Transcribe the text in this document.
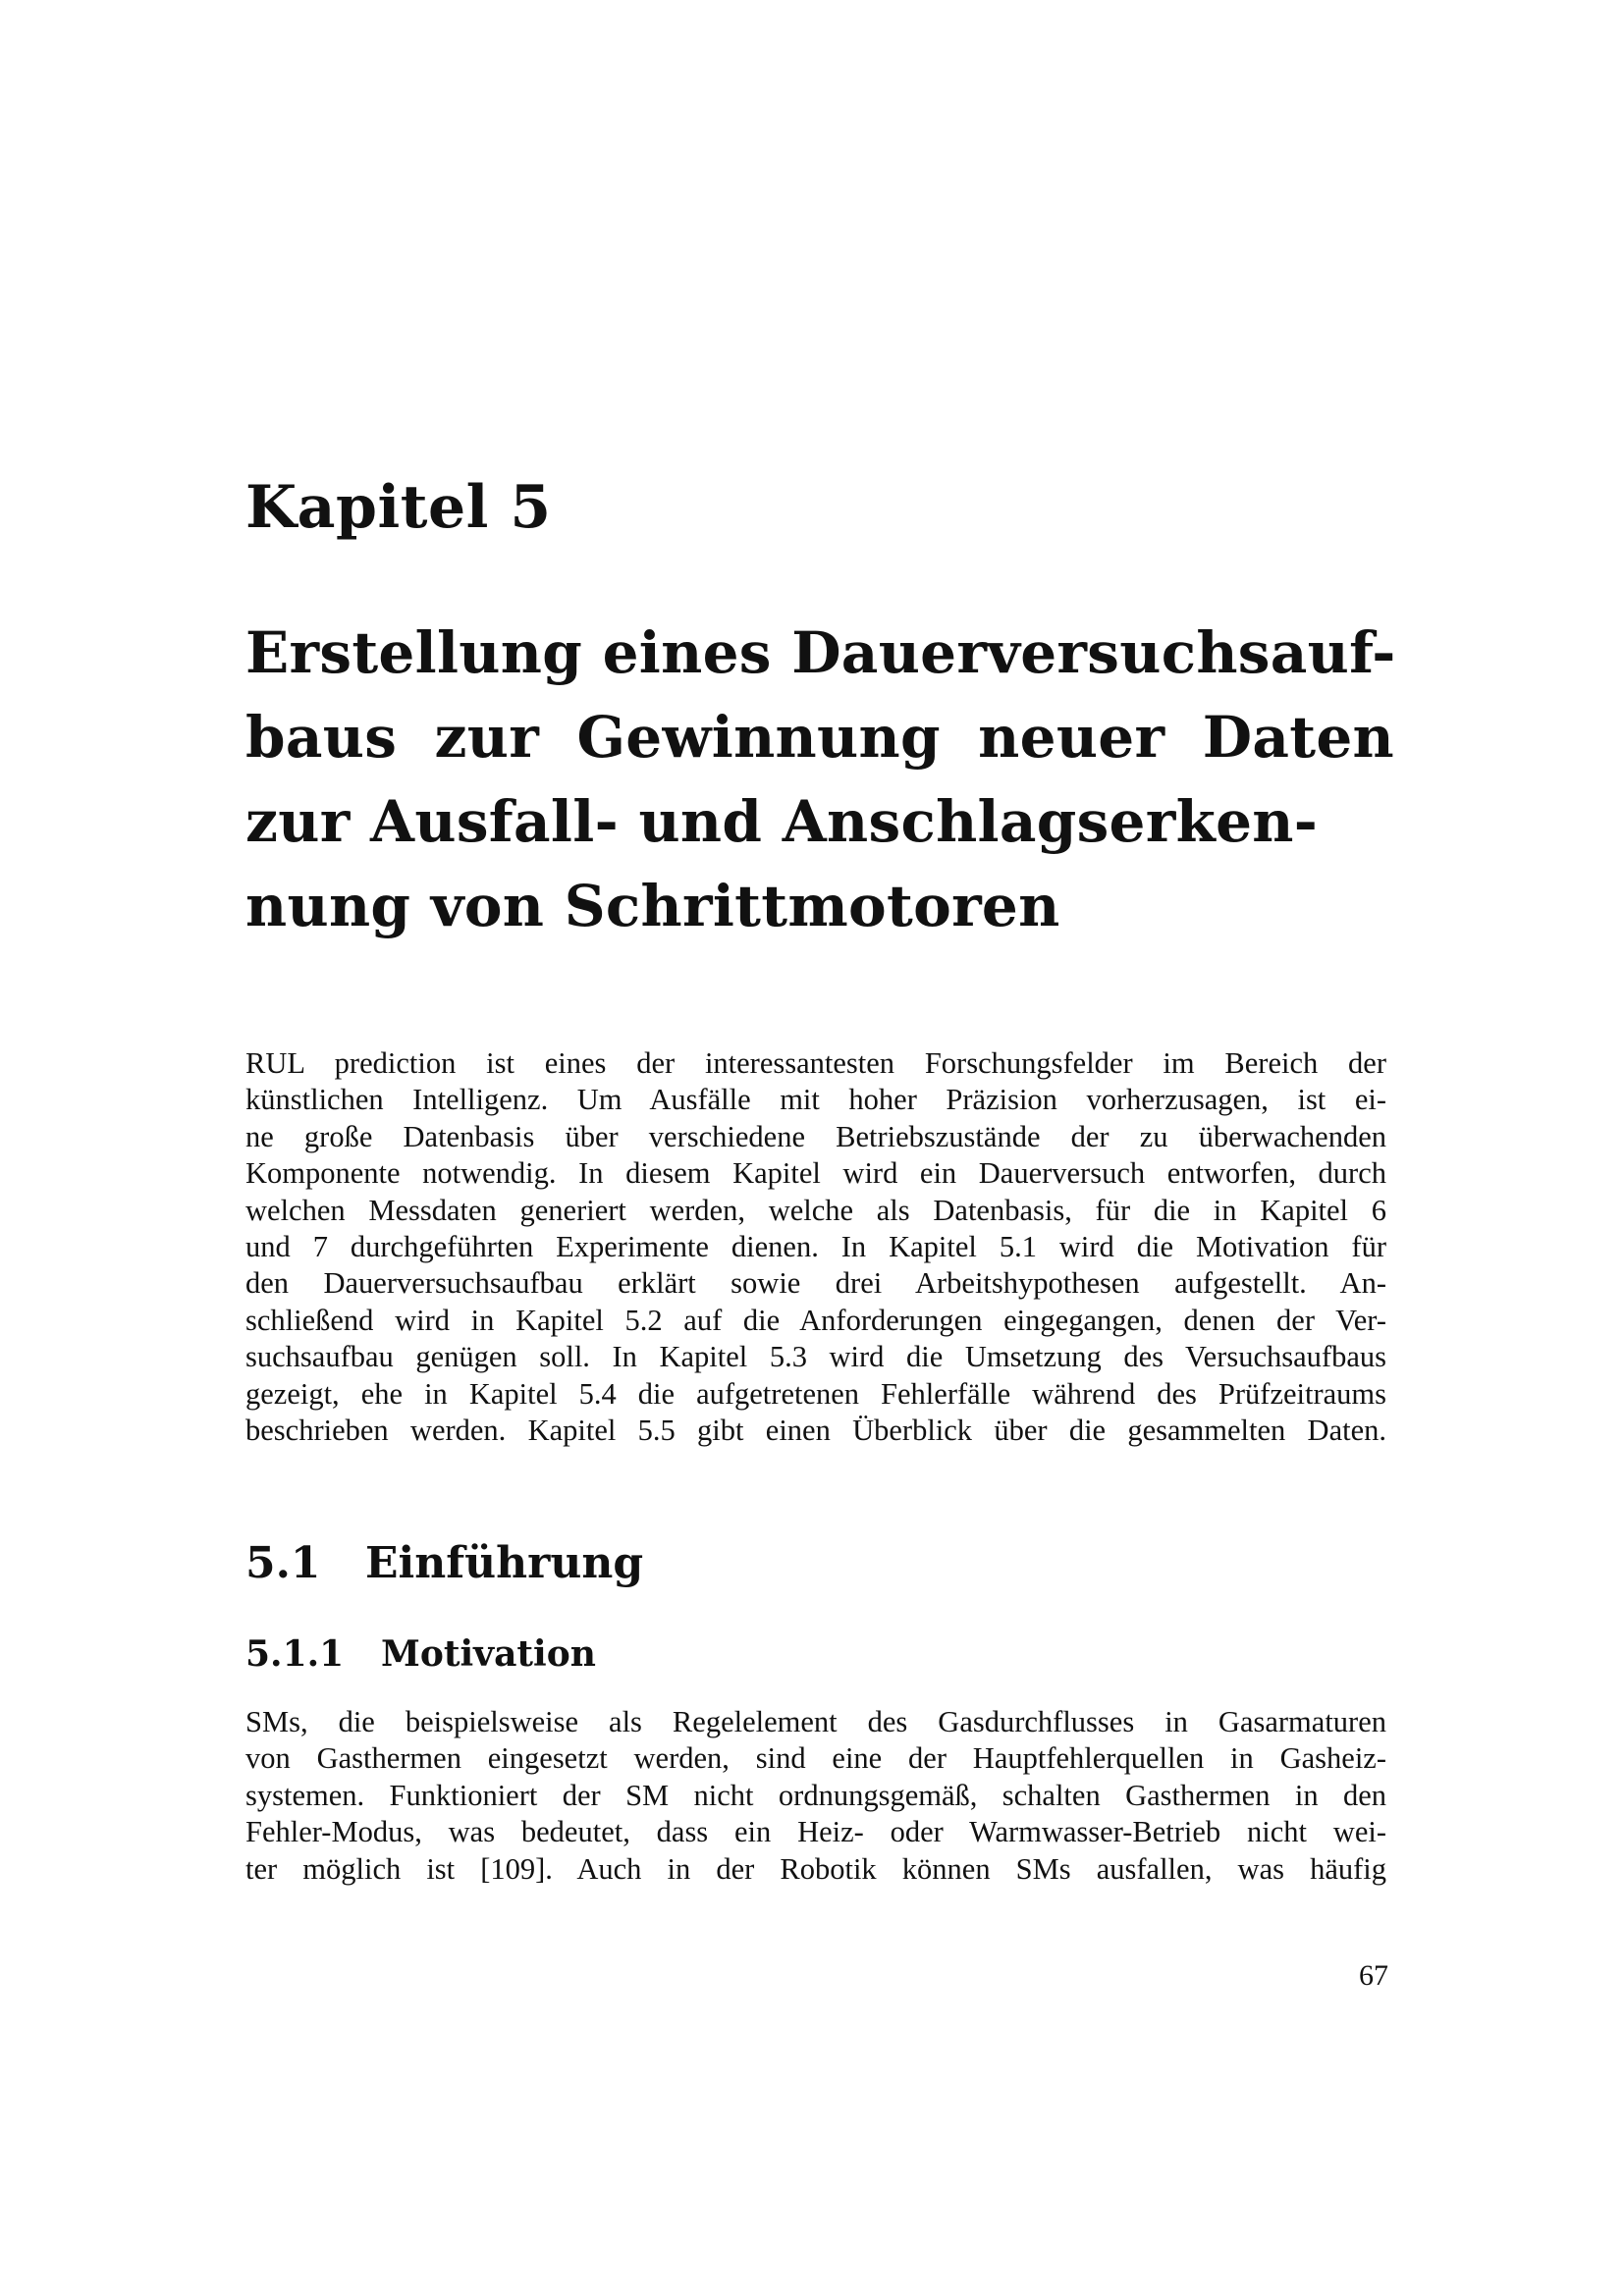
Kapitel 5
Erstellung eines Dauerversuchsauf-
baus zur Gewinnung neuer Daten
zur Ausfall- und Anschlagserken-
nung von Schrittmotoren
RUL prediction ist eines der interessantesten Forschungsfelder im Bereich der
künstlichen Intelligenz. Um Ausfälle mit hoher Präzision vorherzusagen, ist ei-
ne große Datenbasis über verschiedene Betriebszustände der zu überwachenden
Komponente notwendig. In diesem Kapitel wird ein Dauerversuch entworfen, durch
welchen Messdaten generiert werden, welche als Datenbasis, für die in Kapitel 6
und 7 durchgeführten Experimente dienen. In Kapitel 5.1 wird die Motivation für
den Dauerversuchsaufbau erklärt sowie drei Arbeitshypothesen aufgestellt. An-
schließend wird in Kapitel 5.2 auf die Anforderungen eingegangen, denen der Ver-
suchsaufbau genügen soll. In Kapitel 5.3 wird die Umsetzung des Versuchsaufbaus
gezeigt, ehe in Kapitel 5.4 die aufgetretenen Fehlerfälle während des Prüfzeitraums
beschrieben werden. Kapitel 5.5 gibt einen Überblick über die gesammelten Daten.
5.1 Einführung
5.1.1 Motivation
SMs, die beispielsweise als Regelelement des Gasdurchflusses in Gasarmaturen
von Gasthermen eingesetzt werden, sind eine der Hauptfehlerquellen in Gasheiz-
systemen. Funktioniert der SM nicht ordnungsgemäß, schalten Gasthermen in den
Fehler-Modus, was bedeutet, dass ein Heiz- oder Warmwasser-Betrieb nicht wei-
ter möglich ist [109]. Auch in der Robotik können SMs ausfallen, was häufig
67
